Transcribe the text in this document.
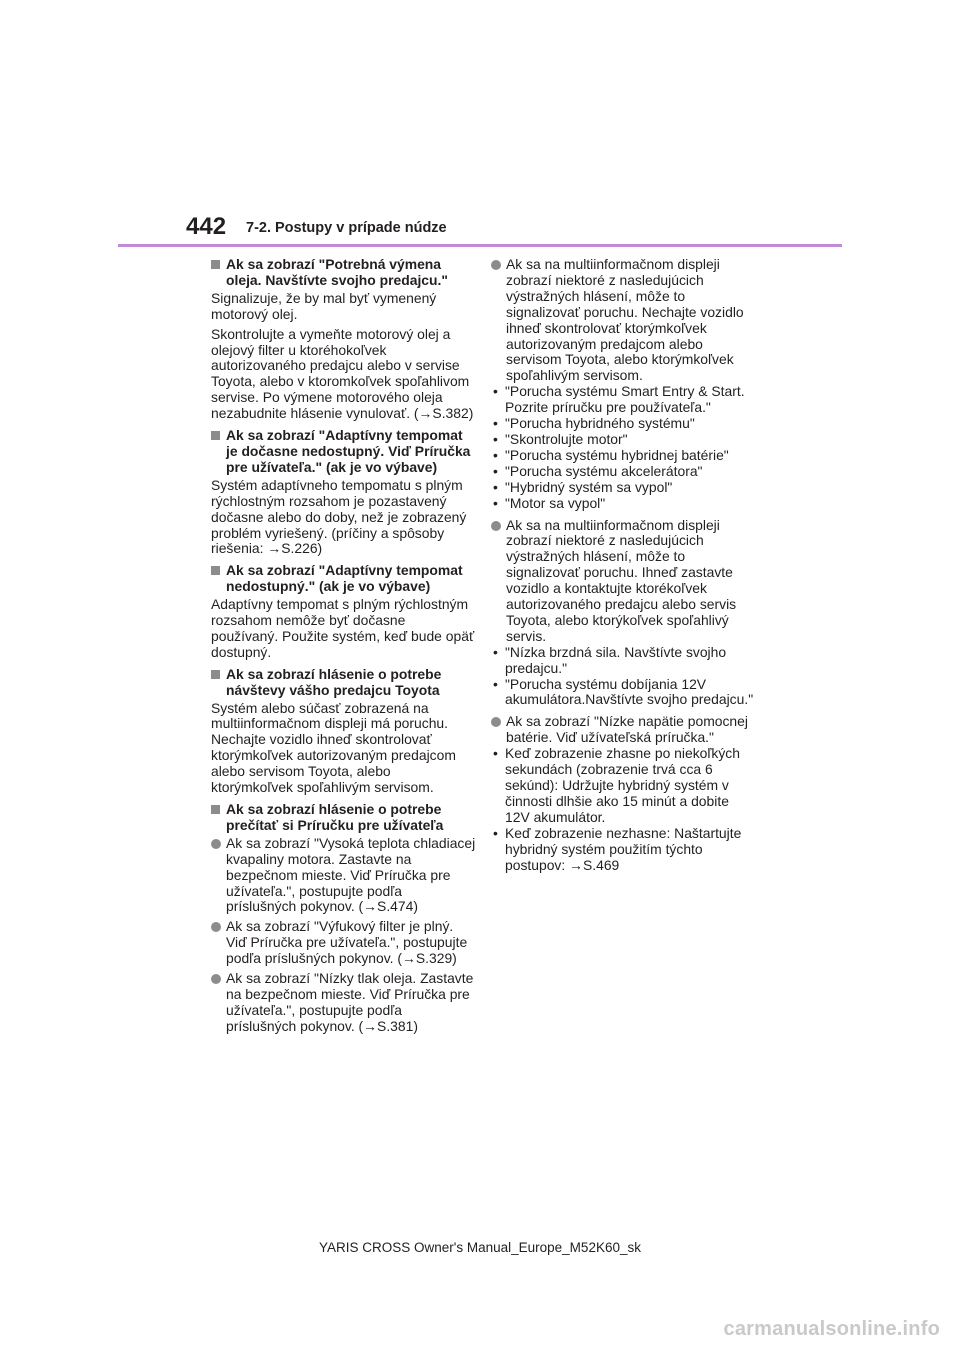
442 7-2. Postupy v prípade núdze
Ak sa zobrazí "Potrebná výmena oleja. Navštívte svojho predajcu."
Signalizuje, že by mal byť vymenený motorový olej.
Skontrolujte a vymeňte motorový olej a olejový filter u ktoréhokoľvek autorizovaného predajcu alebo v servise Toyota, alebo v ktoromkoľvek spoľahlivom servise. Po výmene motorového oleja nezabudnite hlásenie vynulovať. (→S.382)
Ak sa zobrazí "Adaptívny tempomat je dočasne nedostupný. Viď Príručka pre užívateľa." (ak je vo výbave)
Systém adaptívneho tempomatu s plným rýchlostným rozsahom je pozastavený dočasne alebo do doby, než je zobrazený problém vyriešený. (príčiny a spôsoby riešenia: →S.226)
Ak sa zobrazí "Adaptívny tempomat nedostupný." (ak je vo výbave)
Adaptívny tempomat s plným rýchlostným rozsahom nemôže byť dočasne používaný. Použite systém, keď bude opäť dostupný.
Ak sa zobrazí hlásenie o potrebe návštevy vášho predajcu Toyota
Systém alebo súčasť zobrazená na multiinformačnom displeji má poruchu. Nechajte vozidlo ihneď skontrolovať ktorýmkoľvek autorizovaným predajcom alebo servisom Toyota, alebo ktorýmkoľvek spoľahlivým servisom.
Ak sa zobrazí hlásenie o potrebe prečítať si Príručku pre užívateľa
Ak sa zobrazí "Vysoká teplota chladiacej kvapaliny motora. Zastavte na bezpečnom mieste. Viď Príručka pre užívateľa.", postupujte podľa príslušných pokynov. (→S.474)
Ak sa zobrazí "Výfukový filter je plný. Viď Príručka pre užívateľa.", postupujte podľa príslušných pokynov. (→S.329)
Ak sa zobrazí "Nízky tlak oleja. Zastavte na bezpečnom mieste. Viď Príručka pre užívateľa.", postupujte podľa príslušných pokynov. (→S.381)
Ak sa na multiinformačnom displeji zobrazí niektoré z nasledujúcich výstražných hlásení, môže to signalizovať poruchu. Nechajte vozidlo ihneď skontrolovať ktorýmkoľvek autorizovaným predajcom alebo servisom Toyota, alebo ktorýmkoľvek spoľahlivým servisom.
• "Porucha systému Smart Entry & Start. Pozrite príručku pre používateľa."
• "Porucha hybridného systému"
• "Skontrolujte motor"
• "Porucha systému hybridnej batérie"
• "Porucha systému akcelerátora"
• "Hybridný systém sa vypol"
• "Motor sa vypol"
Ak sa na multiinformačnom displeji zobrazí niektoré z nasledujúcich výstražných hlásení, môže to signalizovať poruchu. Ihneď zastavte vozidlo a kontaktujte ktorékoľvek autorizovaného predajcu alebo servis Toyota, alebo ktorýkoľvek spoľahlivý servis.
• "Nízka brzdná sila. Navštívte svojho predajcu."
• "Porucha systému dobíjania 12V akumulátora.Navštívte svojho predajcu."
Ak sa zobrazí "Nízke napätie pomocnej batérie. Viď užívateľská príručka."
• Keď zobrazenie zhasne po niekoľkých sekundách (zobrazenie trvá cca 6 sekúnd): Udržujte hybridný systém v činnosti dlhšie ako 15 minút a dobite 12V akumulátor.
• Keď zobrazenie nezhasne: Naštartujte hybridný systém použitím týchto postupov: →S.469
YARIS CROSS Owner's Manual_Europe_M52K60_sk
carmanualsonline.info
